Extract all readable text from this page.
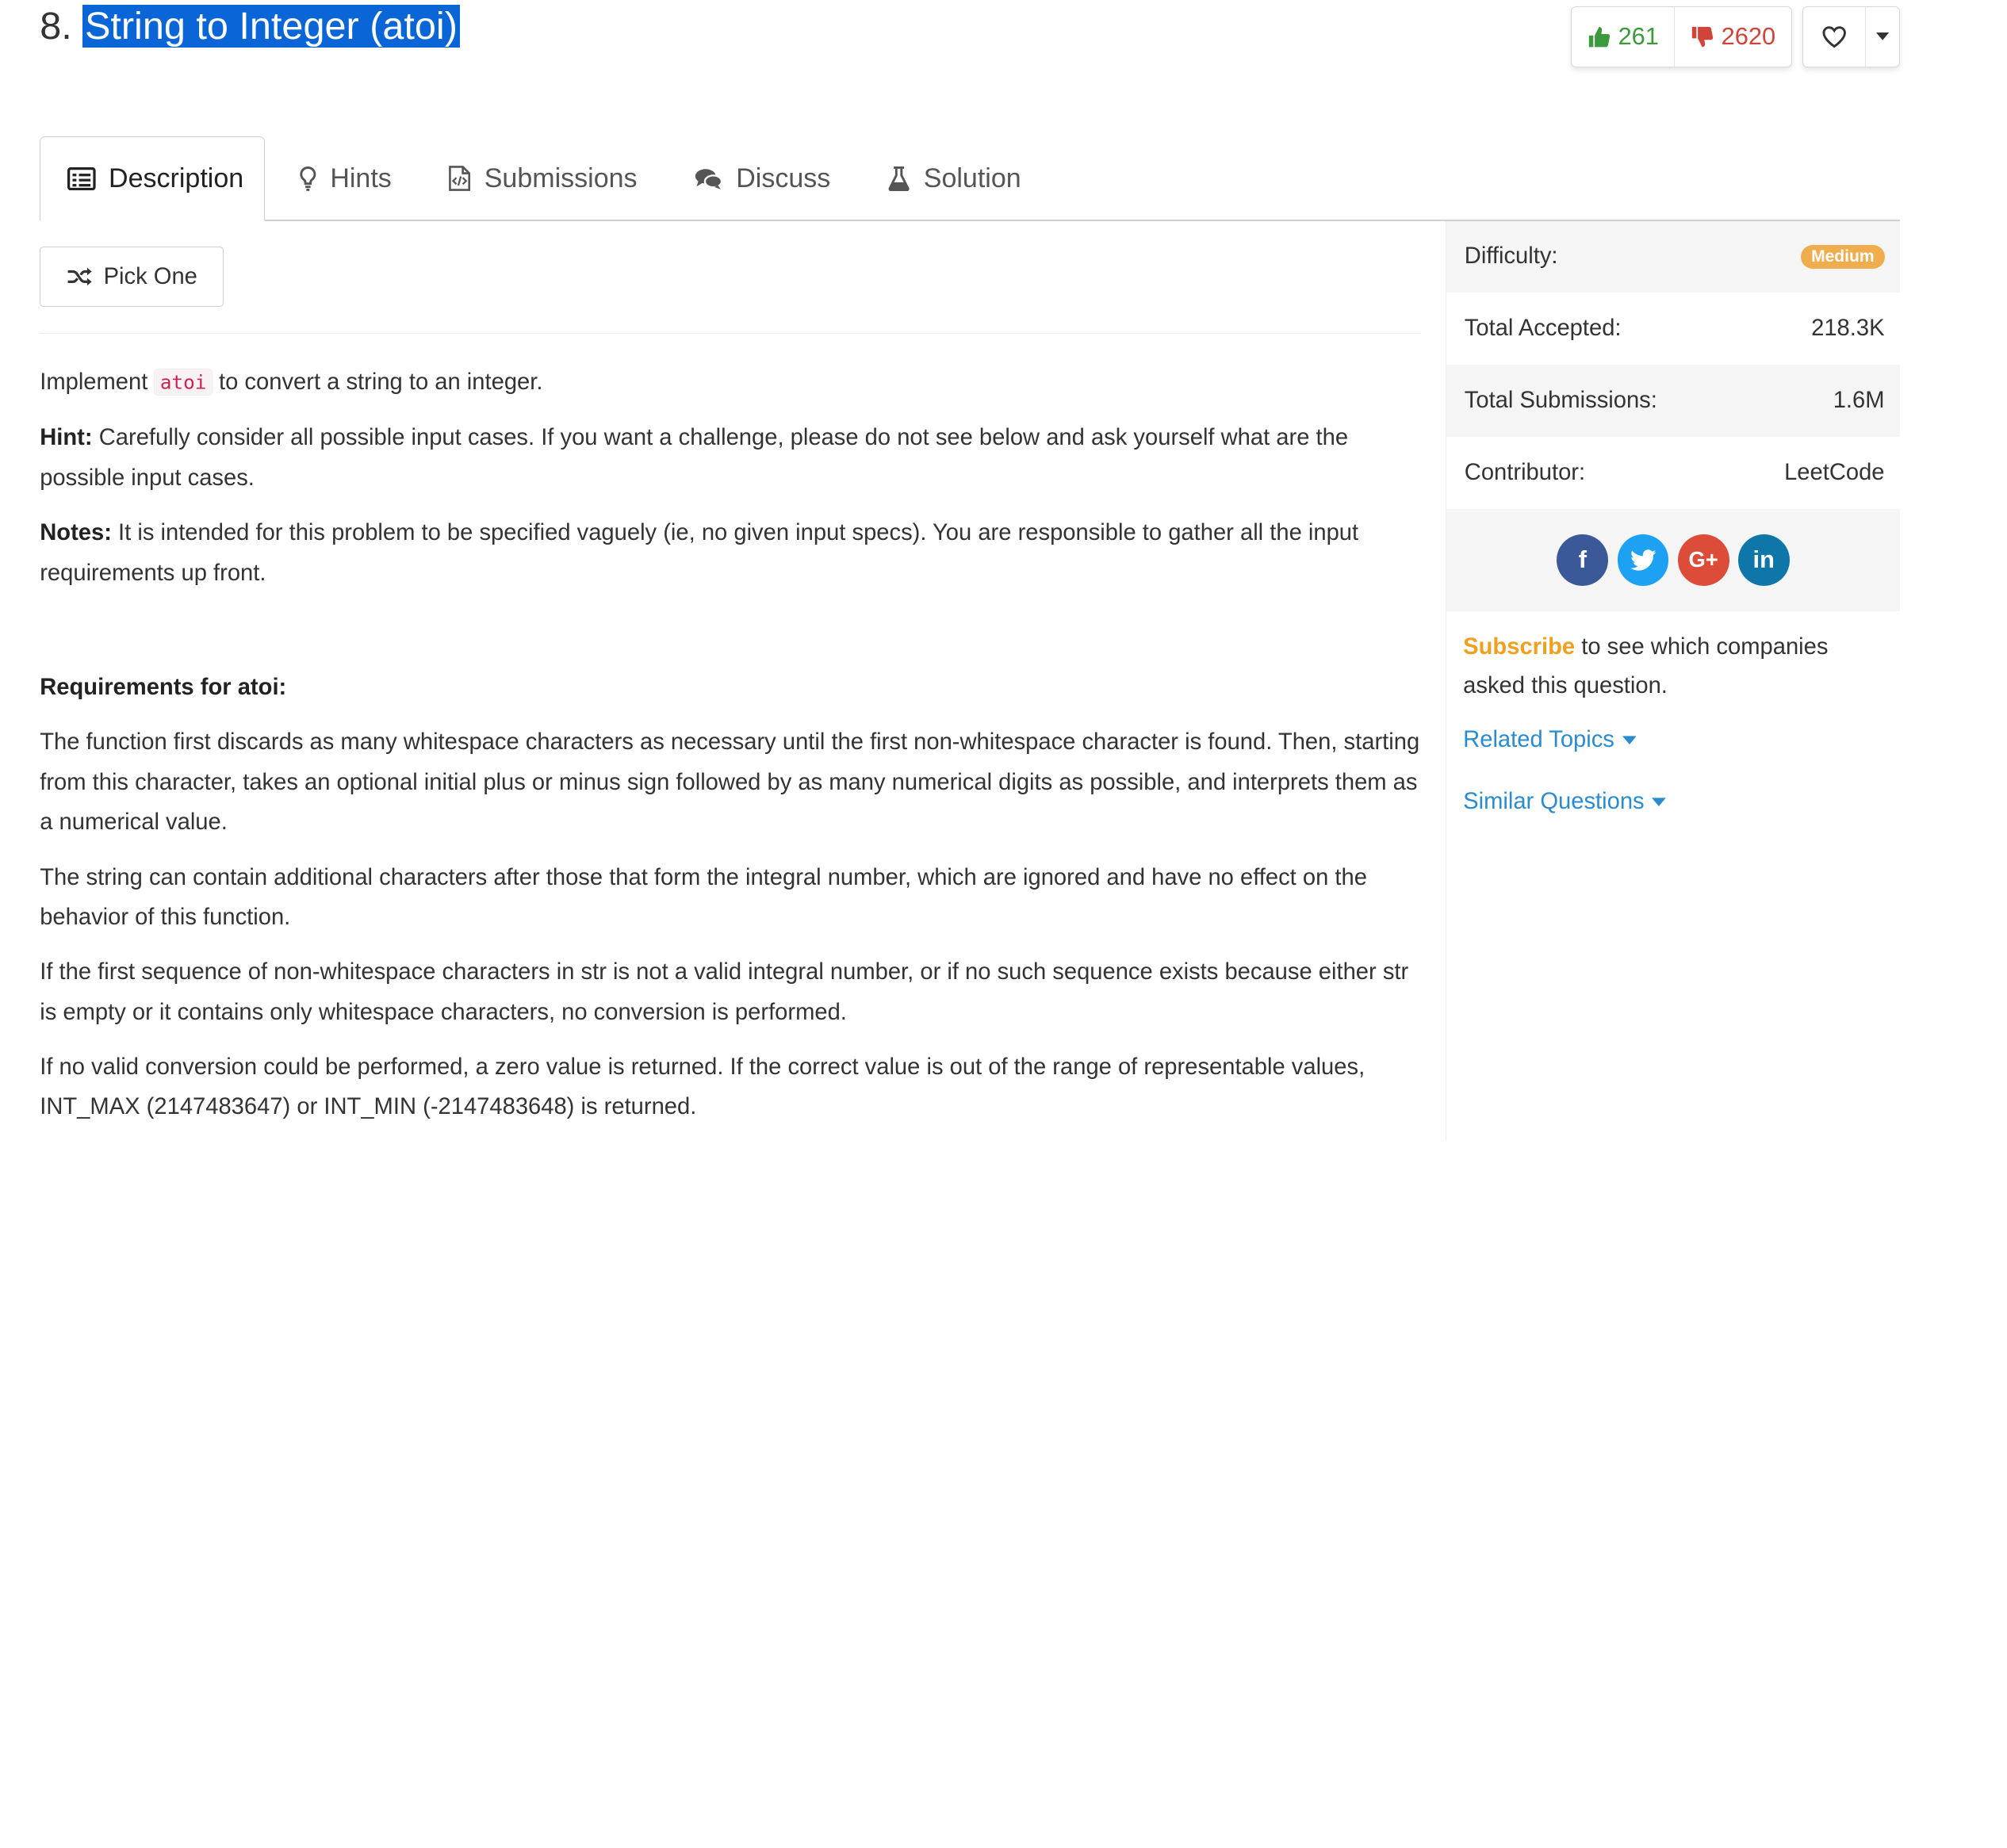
8. String to Integer (atoi)	261	2620
Description	Hints	Submissions	Discuss	Solution
Pick One

Implement atoi to convert a string to an integer.

Hint: Carefully consider all possible input cases. If you want a challenge, please do not see below and ask yourself what are the possible input cases.

Notes: It is intended for this problem to be specified vaguely (ie, no given input specs). You are responsible to gather all the input requirements up front.

Requirements for atoi:

The function first discards as many whitespace characters as necessary until the first non-whitespace character is found. Then, starting from this character, takes an optional initial plus or minus sign followed by as many numerical digits as possible, and interprets them as a numerical value.

The string can contain additional characters after those that form the integral number, which are ignored and have no effect on the behavior of this function.

If the first sequence of non-whitespace characters in str is not a valid integral number, or if no such sequence exists because either str is empty or it contains only whitespace characters, no conversion is performed.

If no valid conversion could be performed, a zero value is returned. If the correct value is out of the range of representable values, INT_MAX (2147483647) or INT_MIN (-2147483648) is returned.

Difficulty:	Medium
Total Accepted:	218.3K
Total Submissions:	1.6M
Contributor:	LeetCode
f	G+ in
Subscribe to see which companies asked this question.
Related Topics
Similar Questions
